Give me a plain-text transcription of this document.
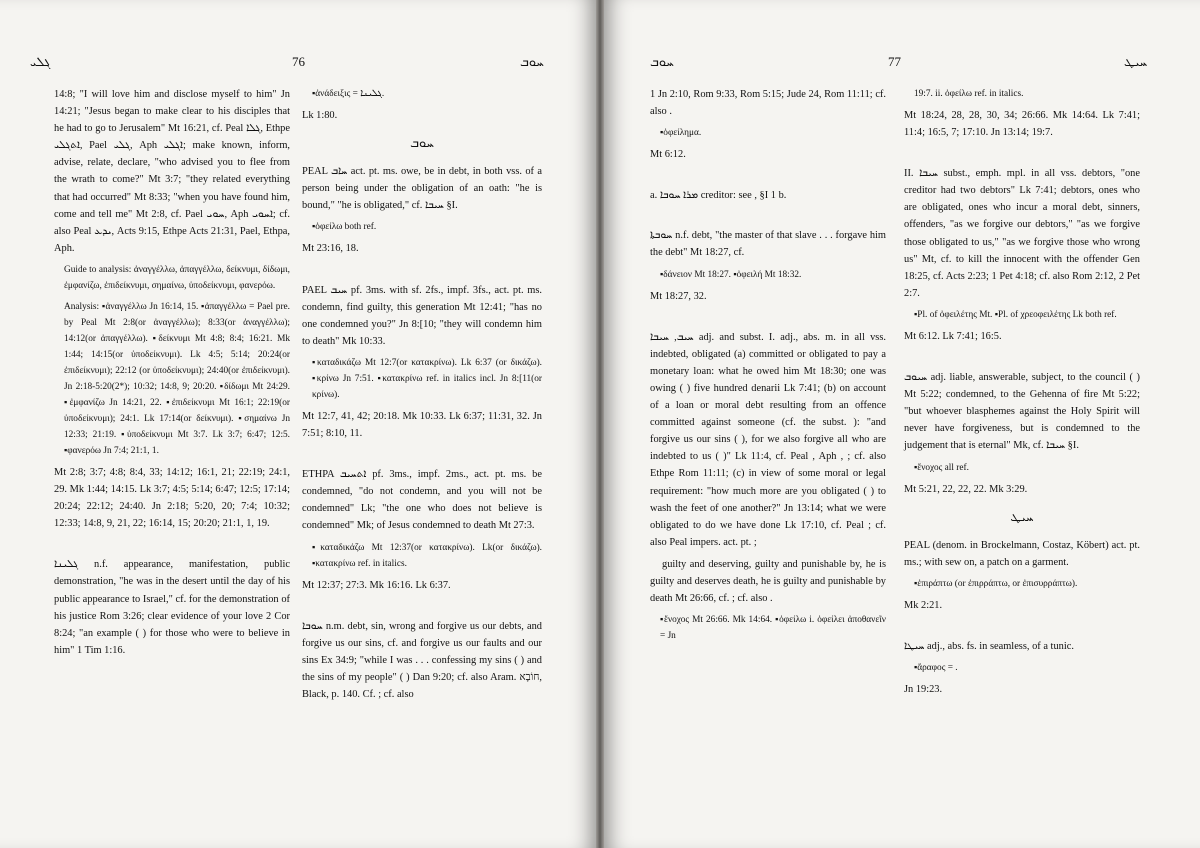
ܓܠܝ	76	ܚܘܒ

14:8; "I will love him and disclose myself to him" Jn 14:21; "Jesus began to make clear to his disciples that he had to go to Jerusalem" Mt 16:21, cf. Peal ܓܠܐ, Ethpe ܐܬܓܠܝ, Pael ܓܠܝ, Aph ܐܓܠܝ; make known, inform, advise, relate, declare, "who advised you to flee from the wrath to come?" Mt 3:7; "they related everything that had occurred" Mt 8:33; "when you have found him, come and tell me" Mt 2:8, cf. Pael ܚܘܝ, Aph ܐܚܘܝ; cf. also Peal ܝܕܥ, Acts 9:15, Ethpe Acts 21:31, Pael, Ethpa, Aph.

Guide to analysis: ἀναγγέλλω, ἀπαγγέλλω, δείκνυμι, δίδωμι, ἐμφανίζω, ἐπιδείκνυμι, σημαίνω, ὑποδείκνυμι, φανερόω.

Analysis: ▪ἀναγγέλλω Jn 16:14, 15. ▪ἀπαγγέλλω = Pael pre. by Peal Mt 2:8(or ἀναγγέλλω); 8:33(or ἀναγγέλλω); 14:12(or ἀπαγγέλλω). ▪δείκνυμι Mt 4:8; 8:4; 16:21. Mk 1:44; 14:15(or ὑποδείκνυμι). Lk 4:5; 5:14; 20:24(or ἐπιδείκνυμι); 22:12 (or ὑποδείκνυμι); 24:40(or ἐπιδείκνυμι). Jn 2:18-5:20(2*); 10:32; 14:8, 9; 20:20. ▪δίδωμι Mt 24:29. ▪ἐμφανίζω Jn 14:21, 22. ▪ἐπιδείκνυμι Mt 16:1; 22:19(or ὑποδείκνυμι); 24:1. Lk 17:14(or δείκνυμι). ▪σημαίνω Jn 12:33; 21:19. ▪ὑποδείκνυμι Mt 3:7. Lk 3:7; 6:47; 12:5. ▪φανερόω Jn 7:4; 21:1, 1.

Mt 2:8; 3:7; 4:8; 8:4, 33; 14:12; 16:1, 21; 22:19; 24:1, 29. Mk 1:44; 14:15. Lk 3:7; 4:5; 5:14; 6:47; 12:5; 17:14; 20:24; 22:12; 24:40. Jn 2:18; 5:20, 20; 7:4; 10:32; 12:33; 14:8, 9, 21, 22; 16:14, 15; 20:20; 21:1, 1, 19.

ܓܠܝܢܐ n.f. appearance, manifestation, public demonstration, "he was in the desert until the day of his public appearance to Israel," cf. for the demonstration of his justice Rom 3:26; clear evidence of your love 2 Cor 8:24; "an example ( ) for those who were to believe in him" 1 Tim 1:16.

▪ἀνάδειξις = ܓܠܝܢܐ.

Lk 1:80.

ܚܘܒ

PEAL ܚܐܒ act. pt. ms. owe, be in debt, in both vss. of a person being under the obligation of an oath: "he is bound," "he is obligated," cf. ܚܝܒܐ §I.

▪ὀφείλω both ref.

Mt 23:16, 18.

PAEL ܚܝܒ pf. 3ms. with sf. 2fs., impf. 3fs., act. pt. ms. condemn, find guilty, this generation Mt 12:41; "has no one condemned you?" Jn 8:[10; "they will condemn him to death" Mk 10:33.

▪καταδικάζω Mt 12:7(or κατακρίνω). Lk 6:37 (or δικάζω). ▪κρίνω Jn 7:51. ▪κατακρίνω ref. in italics incl. Jn 8:[11(or κρίνω).

Mt 12:7, 41, 42; 20:18. Mk 10:33. Lk 6:37; 11:31, 32. Jn 7:51; 8:10, 11.

ETHPA ܐܬܚܝܒ pf. 3ms., impf. 2ms., act. pt. ms. be condemned, "do not condemn, and you will not be condemned" Lk; "the one who does not believe is condemned" Mk; of Jesus condemned to death Mt 27:3.

▪καταδικάζω Mt 12:37(or κατακρίνω). Lk(or δικάζω). ▪κατακρίνω ref. in italics.

Mt 12:37; 27:3. Mk 16:16. Lk 6:37.

ܚܘܒܐ n.m. debt, sin, wrong and forgive us our debts, and forgive us our sins, cf. and forgive us our faults and our sins Ex 34:9; "while I was . . . confessing my sins ( ) and the sins of my people" ( ) Dan 9:20; cf. also Aram. חוֹבָא, Black, p. 140. Cf. ; cf. also

ܚܘܒ	77	ܚܝܛ

1 Jn 2:10, Rom 9:33, Rom 5:15; Jude 24, Rom 11:11; cf. also .

▪ὀφείλημα.

Mt 6:12.

a. ܡܪܐ ܚܘܒܐ creditor: see , §I 1 b.

ܚܘܒܬܐ n.f. debt, "the master of that slave . . . forgave him the debt" Mt 18:27, cf.

▪δάνειον Mt 18:27. ▪ὀφειλή Mt 18:32.

Mt 18:27, 32.

ܚܝܒ, ܚܝܒܐ adj. and subst. I. adj., abs. m. in all vss. indebted, obligated (a) committed or obligated to pay a monetary loan: what he owed him Mt 18:30; one was owing ( ) five hundred denarii Lk 7:41; (b) on account of a loan or moral debt resulting from an offence committed against someone (cf. the subst. ): "and forgive us our sins ( ), for we also forgive all who are indebted to us ( )" Lk 11:4, cf. Peal , Aph , ; cf. also Ethpe Rom 11:11; (c) in view of some moral or legal requirement: "how much more are you obligated ( ) to wash the feet of one another?" Jn 13:14; what we were obligated to do we have done Lk 17:10, cf. Peal ; cf. also Peal impers. act. pt. ;

guilty and deserving, guilty and punishable by, he is guilty and deserves death, he is guilty and punishable by death Mt 26:66, cf. ; cf. also .

▪ἔνοχος Mt 26:66. Mk 14:64. ▪ὀφείλω i. ὀφείλει ἀποθανεῖν = Jn

19:7. ii. ὀφείλω ref. in italics.

Mt 18:24, 28, 28, 30, 34; 26:66. Mk 14:64. Lk 7:41; 11:4; 16:5, 7; 17:10. Jn 13:14; 19:7.

II. ܚܝܒܐ subst., emph. mpl. in all vss. debtors, "one creditor had two debtors" Lk 7:41; debtors, ones who are obligated, ones who incur a moral debt, sinners, offenders, "as we forgive our debtors," "as we forgive those obligated to us," "as we forgive those who wrong us" Mt, cf. to kill the innocent with the offender Gen 18:25, cf. Acts 2:23; 1 Pet 4:18; cf. also Rom 2:12, 2 Pet 2:7.

▪Pl. of ὀφειλέτης Mt. ▪Pl. of χρεοφειλέτης Lk both ref.

Mt 6:12. Lk 7:41; 16:5.

ܚܝܘܒ adj. liable, answerable, subject, to the council ( ) Mt 5:22; condemned, to the Gehenna of fire Mt 5:22; "but whoever blasphemes against the Holy Spirit will never have forgiveness, but is condemned to the judgement that is eternal" Mk, cf. ܚܝܒܐ §I.

▪ἔνοχος all ref.

Mt 5:21, 22, 22, 22. Mk 3:29.

ܚܝܛ

PEAL (denom. in Brockelmann, Costaz, Köbert) act. pt. ms.; with sew on, a patch on a garment.

▪ἐπιράπτω (or ἐπιρράπτω, or ἐπισυρράπτω).

Mk 2:21.

ܚܝܛܐ adj., abs. fs. in seamless, of a tunic.

▪ἄραφος = .

Jn 19:23.
